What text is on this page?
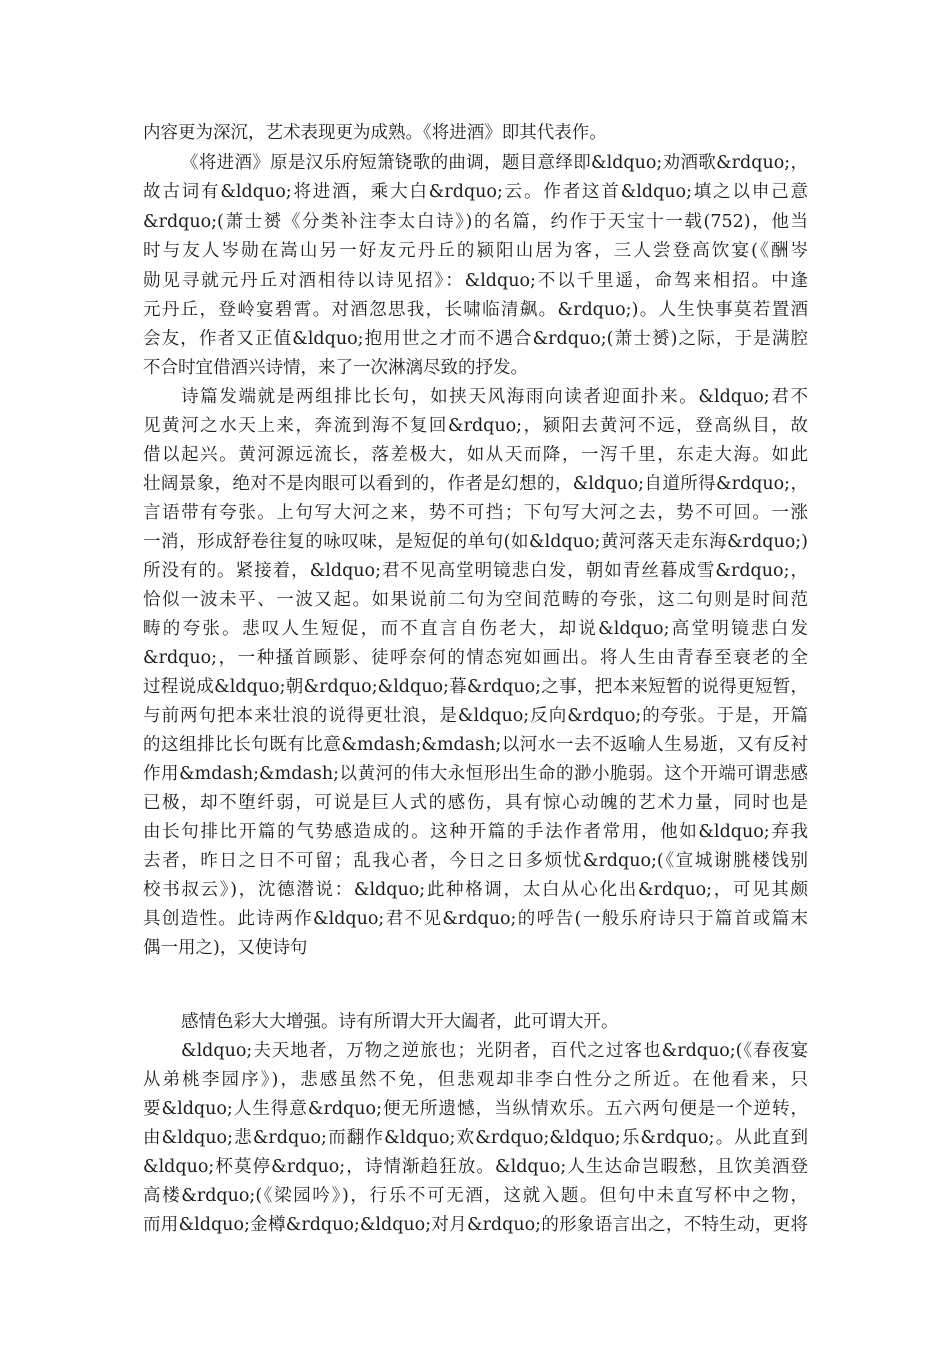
内容更为深沉，艺术表现更为成熟。《将进酒》即其代表作。
《将进酒》原是汉乐府短箫铙歌的曲调，题目意绎即&ldquo;劝酒歌&rdquo;，
故古词有&ldquo;将进酒，乘大白&rdquo;云。作者这首&ldquo;填之以申己意
&rdquo;(萧士赟《分类补注李太白诗》)的名篇，约作于天宝十一载(752)，他当
时与友人岑勋在嵩山另一好友元丹丘的颍阳山居为客，三人尝登高饮宴(《酬岑
勋见寻就元丹丘对酒相待以诗见招》：&ldquo;不以千里遥，命驾来相招。中逢
元丹丘，登岭宴碧霄。对酒忽思我，长啸临清飙。&rdquo;)。人生快事莫若置酒
会友，作者又正值&ldquo;抱用世之才而不遇合&rdquo;(萧士赟)之际，于是满腔
不合时宜借酒兴诗情，来了一次淋漓尽致的抒发。
诗篇发端就是两组排比长句，如挟天风海雨向读者迎面扑来。&ldquo;君不
见黄河之水天上来，奔流到海不复回&rdquo;，颍阳去黄河不远，登高纵目，故
借以起兴。黄河源远流长，落差极大，如从天而降，一泻千里，东走大海。如此
壮阔景象，绝对不是肉眼可以看到的，作者是幻想的，&ldquo;自道所得&rdquo;，
言语带有夸张。上句写大河之来，势不可挡；下句写大河之去，势不可回。一涨
一消，形成舒卷往复的咏叹味，是短促的单句(如&ldquo;黄河落天走东海&rdquo;)
所没有的。紧接着，&ldquo;君不见高堂明镜悲白发，朝如青丝暮成雪&rdquo;，
恰似一波未平、一波又起。如果说前二句为空间范畴的夸张，这二句则是时间范
畴的夸张。悲叹人生短促，而不直言自伤老大，却说&ldquo;高堂明镜悲白发
&rdquo;，一种搔首顾影、徒呼奈何的情态宛如画出。将人生由青春至衰老的全
过程说成&ldquo;朝&rdquo;&ldquo;暮&rdquo;之事，把本来短暂的说得更短暂，
与前两句把本来壮浪的说得更壮浪，是&ldquo;反向&rdquo;的夸张。于是，开篇
的这组排比长句既有比意&mdash;&mdash;以河水一去不返喻人生易逝，又有反衬
作用&mdash;&mdash;以黄河的伟大永恒形出生命的渺小脆弱。这个开端可谓悲感
已极，却不堕纤弱，可说是巨人式的感伤，具有惊心动魄的艺术力量，同时也是
由长句排比开篇的气势感造成的。这种开篇的手法作者常用，他如&ldquo;弃我
去者，昨日之日不可留；乱我心者，今日之日多烦忧&rdquo;(《宣城谢朓楼饯别
校书叔云》)，沈德潜说：&ldquo;此种格调，太白从心化出&rdquo;，可见其颇
具创造性。此诗两作&ldquo;君不见&rdquo;的呼告(一般乐府诗只于篇首或篇末
偶一用之)，又使诗句
感情色彩大大增强。诗有所谓大开大阖者，此可谓大开。
&ldquo;夫天地者，万物之逆旅也；光阴者，百代之过客也&rdquo;(《春夜宴
从弟桃李园序》)，悲感虽然不免，但悲观却非李白性分之所近。在他看来，只
要&ldquo;人生得意&rdquo;便无所遗憾，当纵情欢乐。五六两句便是一个逆转，
由&ldquo;悲&rdquo;而翻作&ldquo;欢&rdquo;&ldquo;乐&rdquo;。从此直到
&ldquo;杯莫停&rdquo;，诗情渐趋狂放。&ldquo;人生达命岂暇愁，且饮美酒登
高楼&rdquo;(《梁园吟》)，行乐不可无酒，这就入题。但句中未直写杯中之物，
而用&ldquo;金樽&rdquo;&ldquo;对月&rdquo;的形象语言出之，不特生动，更将
